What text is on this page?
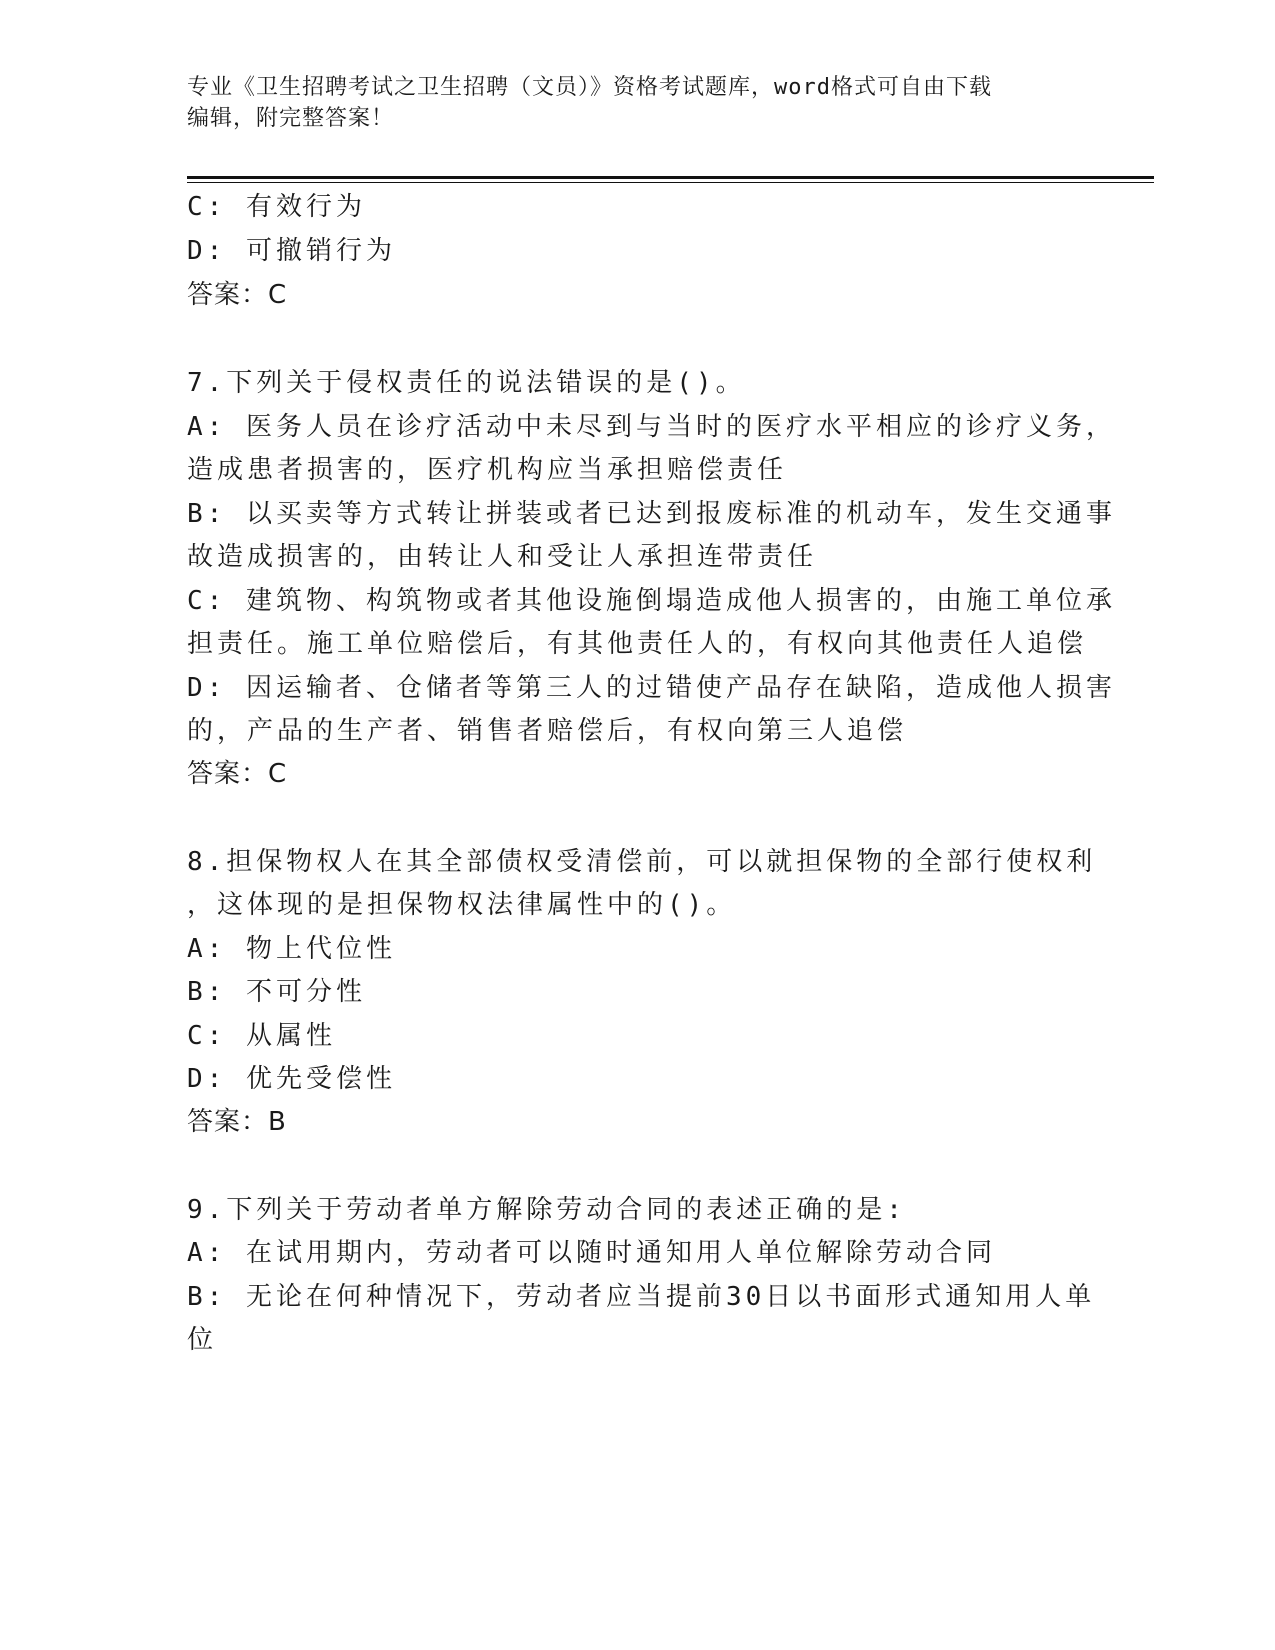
专业《卫生招聘考试之卫生招聘（文员）》资格考试题库，word格式可自由下载
编辑，附完整答案！
C: 有效行为
D: 可撤销行为
答案：C
7.下列关于侵权责任的说法错误的是()。
A: 医务人员在诊疗活动中未尽到与当时的医疗水平相应的诊疗义务，
造成患者损害的，医疗机构应当承担赔偿责任
B: 以买卖等方式转让拼装或者已达到报废标准的机动车，发生交通事
故造成损害的，由转让人和受让人承担连带责任
C: 建筑物、构筑物或者其他设施倒塌造成他人损害的，由施工单位承
担责任。施工单位赔偿后，有其他责任人的，有权向其他责任人追偿
D: 因运输者、仓储者等第三人的过错使产品存在缺陷，造成他人损害
的，产品的生产者、销售者赔偿后，有权向第三人追偿
答案：C
8.担保物权人在其全部债权受清偿前，可以就担保物的全部行使权利
，这体现的是担保物权法律属性中的()。
A: 物上代位性
B: 不可分性
C: 从属性
D: 优先受偿性
答案：B
9.下列关于劳动者单方解除劳动合同的表述正确的是:
A: 在试用期内，劳动者可以随时通知用人单位解除劳动合同
B: 无论在何种情况下，劳动者应当提前30日以书面形式通知用人单
位
